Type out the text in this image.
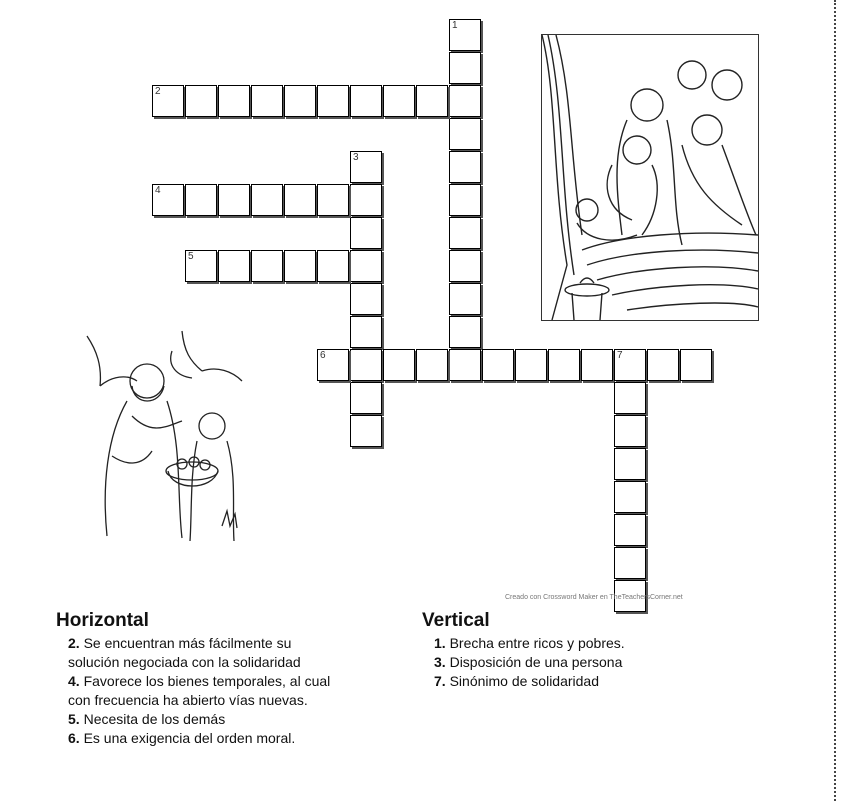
1
2
3
4
5
6	7
Creado con Crossword Maker en TheTeachersCorner.net
Horizontal
2. Se encuentran más fácilmente su
solución negociada con la solidaridad
4. Favorece los bienes temporales, al cual
con frecuencia ha abierto vías nuevas.
5. Necesita de los demás
6. Es una exigencia del orden moral.
Vertical
1. Brecha entre ricos y pobres.
3. Disposición de una persona
7. Sinónimo de solidaridad
